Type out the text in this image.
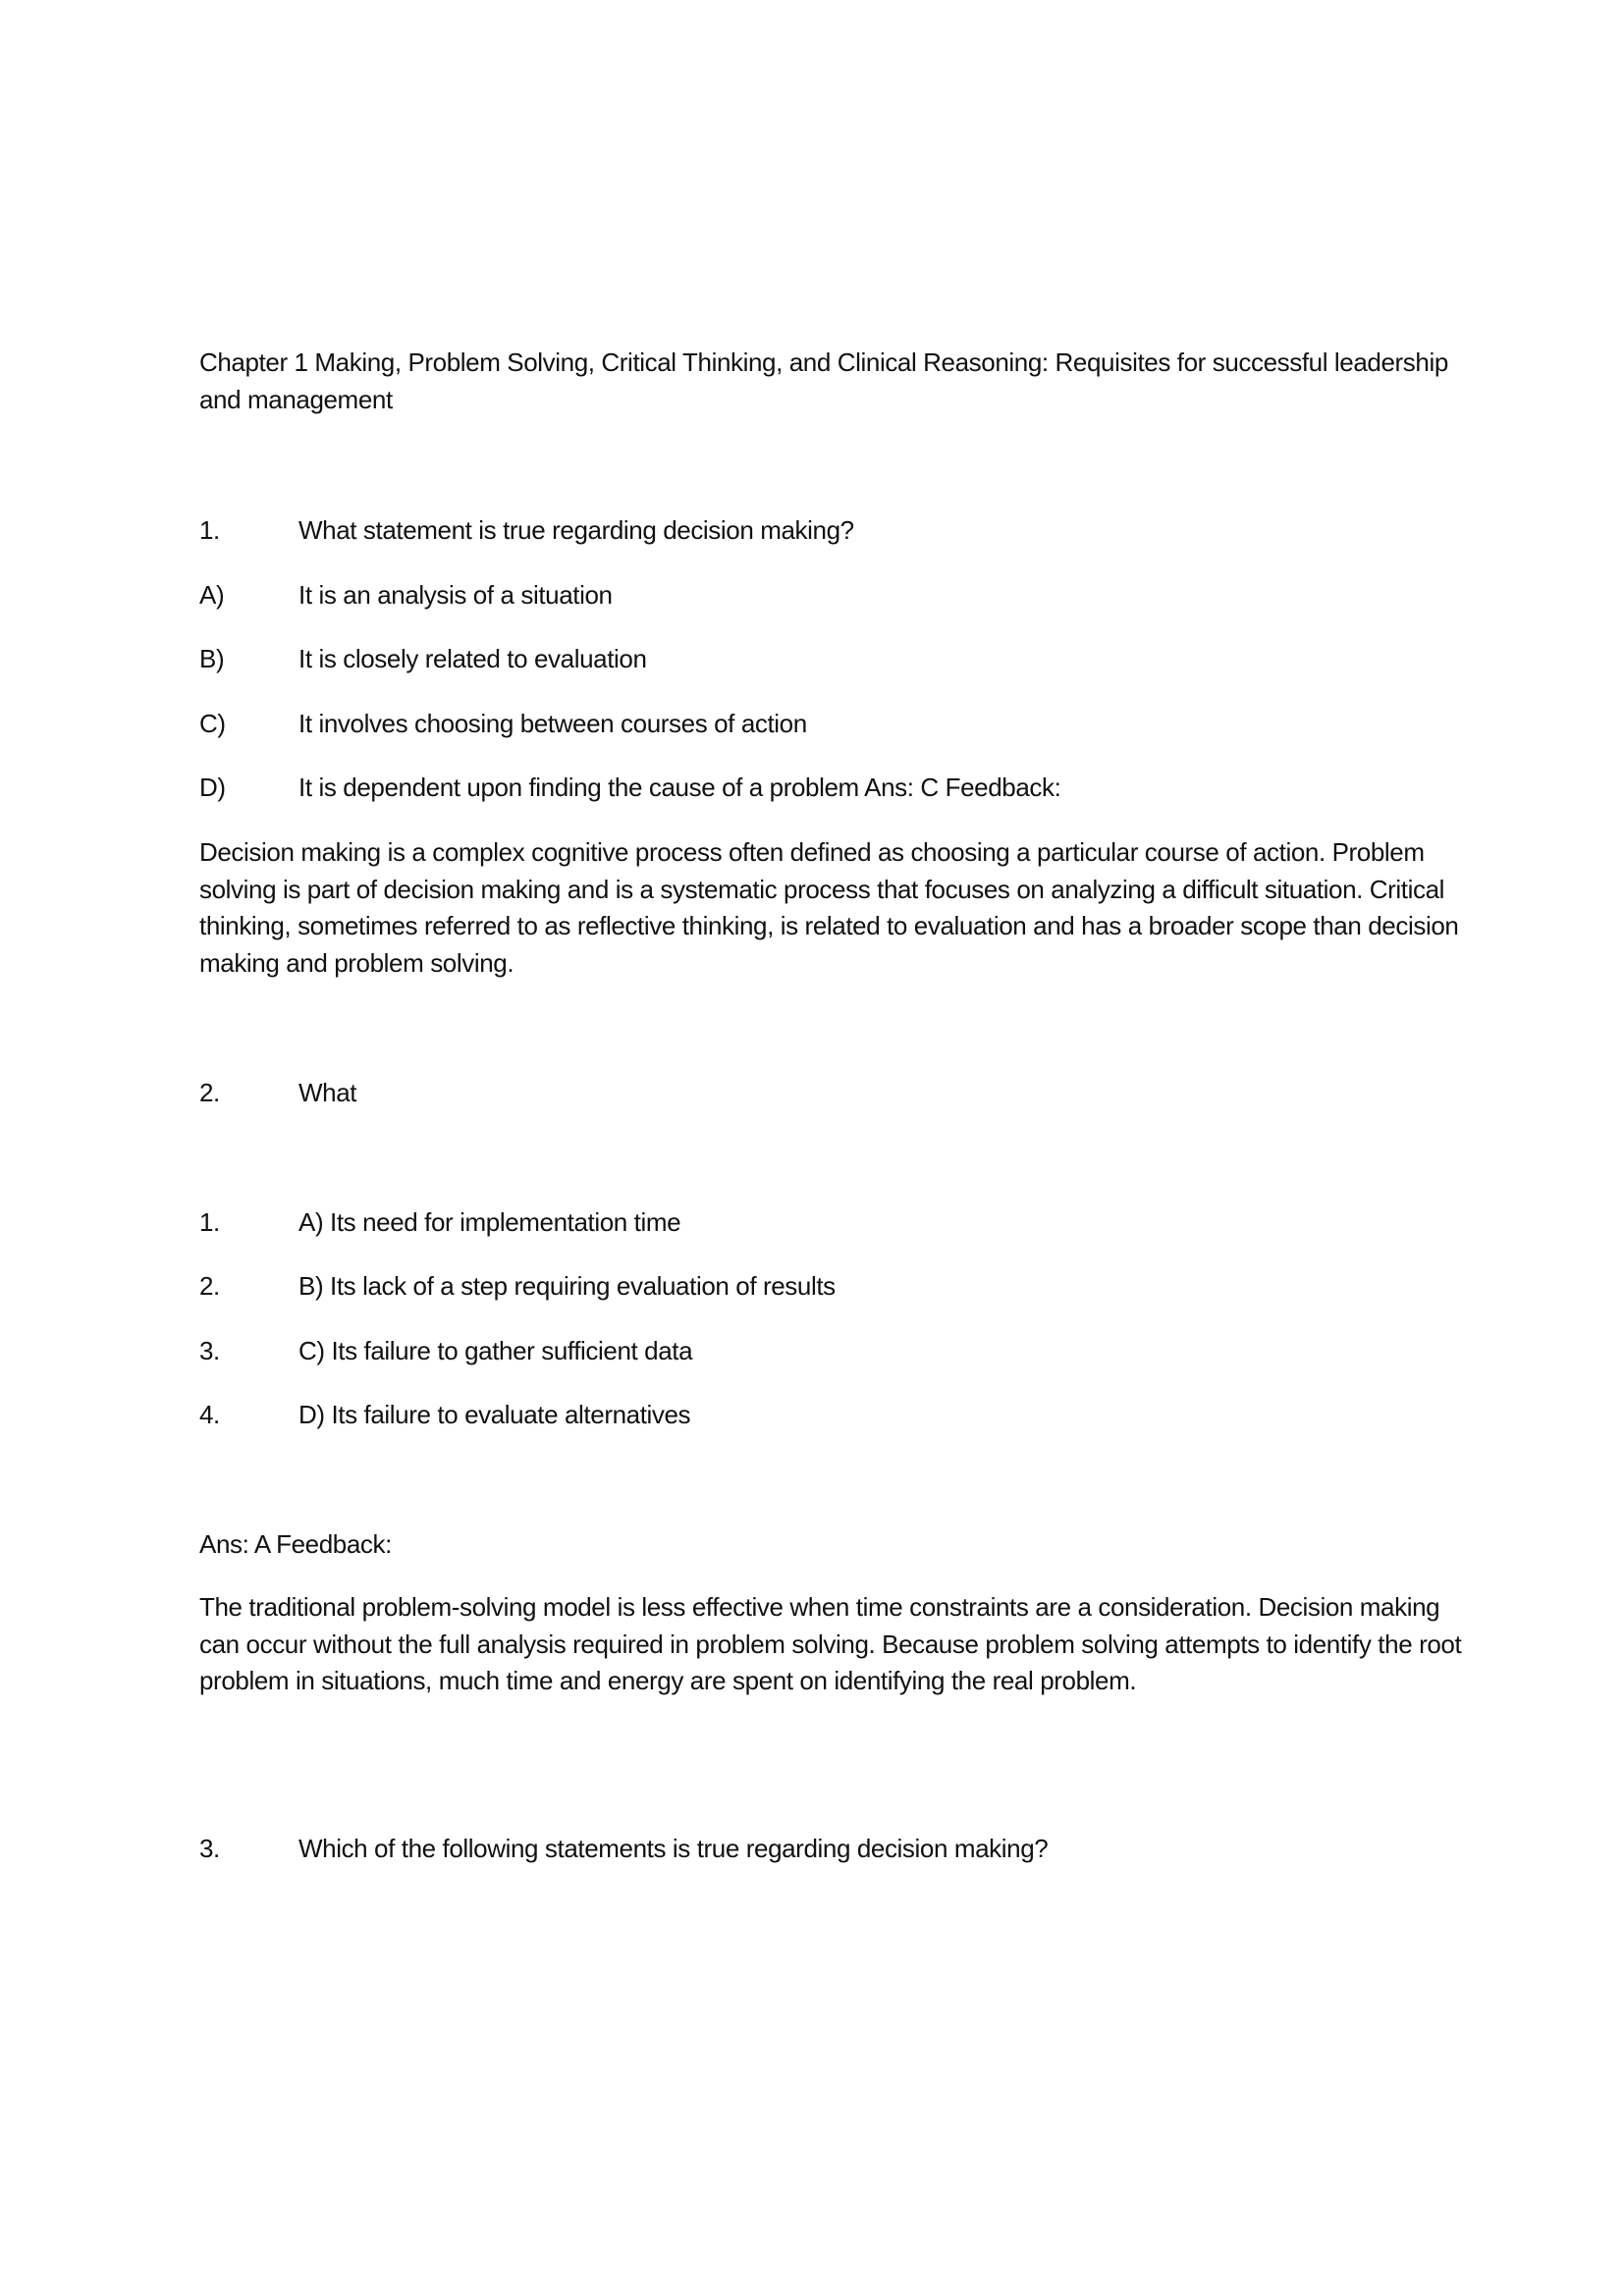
Chapter 1 Making, Problem Solving, Critical Thinking, and Clinical Reasoning: Requisites for successful leadership and management
1.	What statement is true regarding decision making?
A)	It is an analysis of a situation
B)	It is closely related to evaluation
C)	It involves choosing between courses of action
D)	It is dependent upon finding the cause of a problem Ans: C Feedback:
Decision making is a complex cognitive process often defined as choosing a particular course of action. Problem solving is part of decision making and is a systematic process that focuses on analyzing a difficult situation. Critical thinking, sometimes referred to as reflective thinking, is related to evaluation and has a broader scope than decision making and problem solving.
2.	What
1.	A) Its need for implementation time
2.	B) Its lack of a step requiring evaluation of results
3.	C) Its failure to gather sufficient data
4.	D) Its failure to evaluate alternatives
Ans: A Feedback:
The traditional problem-solving model is less effective when time constraints are a consideration. Decision making can occur without the full analysis required in problem solving. Because problem solving attempts to identify the root problem in situations, much time and energy are spent on identifying the real problem.
3.	Which of the following statements is true regarding decision making?
